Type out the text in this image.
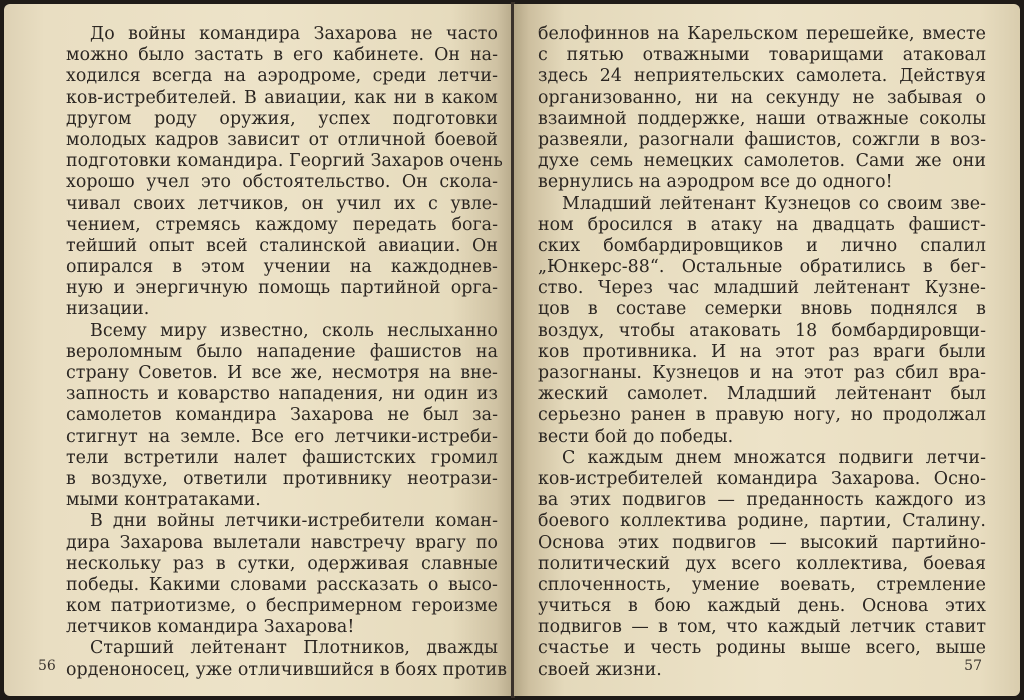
До войны командира Захарова не часто
можно было застать в его кабинете. Он на-
ходился всегда на аэродроме, среди летчи-
ков-истребителей. В авиации, как ни в каком
другом роду оружия, успех подготовки
молодых кадров зависит от отличной боевой
подготовки командира. Георгий Захаров очень
хорошо учел это обстоятельство. Он скола-
чивал своих летчиков, он учил их с увле-
чением, стремясь каждому передать бога-
тейший опыт всей сталинской авиации. Он
опирался в этом учении на каждоднев-
ную и энергичную помощь партийной орга-
низации.
Всему миру известно, сколь неслыханно
вероломным было нападение фашистов на
страну Советов. И все же, несмотря на вне-
запность и коварство нападения, ни один из
самолетов командира Захарова не был за-
стигнут на земле. Все его летчики-истреби-
тели встретили налет фашистских громил
в воздухе, ответили противнику неотрази-
мыми контратаками.
В дни войны летчики-истребители коман-
дира Захарова вылетали навстречу врагу по
нескольку раз в сутки, одерживая славные
победы. Какими словами рассказать о высо-
ком патриотизме, о беспримерном героизме
летчиков командира Захарова!
Старший лейтенант Плотников, дважды
орденоносец, уже отличившийся в боях против
56
белофиннов на Карельском перешейке, вместе
с пятью отважными товарищами атаковал
здесь 24 неприятельских самолета. Действуя
организованно, ни на секунду не забывая о
взаимной поддержке, наши отважные соколы
развеяли, разогнали фашистов, сожгли в воз-
духе семь немецких самолетов. Сами же они
вернулись на аэродром все до одного!
Младший лейтенант Кузнецов со своим зве-
ном бросился в атаку на двадцать фашист-
ских бомбардировщиков и лично спалил
„Юнкерс-88“. Остальные обратились в бег-
ство. Через час младший лейтенант Кузне-
цов в составе семерки вновь поднялся в
воздух, чтобы атаковать 18 бомбардировщи-
ков противника. И на этот раз враги были
разогнаны. Кузнецов и на этот раз сбил вра-
жеский самолет. Младший лейтенант был
серьезно ранен в правую ногу, но продолжал
вести бой до победы.
С каждым днем множатся подвиги летчи-
ков-истребителей командира Захарова. Осно-
ва этих подвигов — преданность каждого из
боевого коллектива родине, партии, Сталину.
Основа этих подвигов — высокий партийно-
политический дух всего коллектива, боевая
сплоченность, умение воевать, стремление
учиться в бою каждый день. Основа этих
подвигов — в том, что каждый летчик ставит
счастье и честь родины выше всего, выше
своей жизни.	57
